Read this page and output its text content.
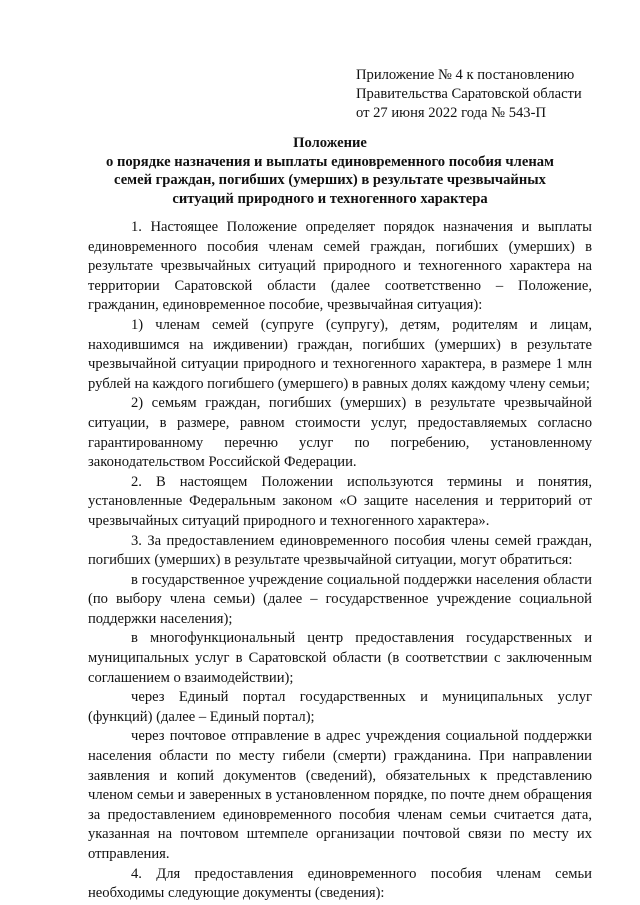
Приложение № 4 к постановлению
Правительства Саратовской области
от 27 июня 2022 года № 543-П
Положение
о порядке назначения и выплаты единовременного пособия членам
семей граждан, погибших (умерших) в результате чрезвычайных
ситуаций природного и техногенного характера

1. Настоящее Положение определяет порядок назначения и выплаты единовременного пособия членам семей граждан, погибших (умерших) в результате чрезвычайных ситуаций природного и техногенного характера на территории Саратовской области (далее соответственно – Положение, гражданин, единовременное пособие, чрезвычайная ситуация):

1) членам семей (супруге (супругу), детям, родителям и лицам, находившимся на иждивении) граждан, погибших (умерших) в результате чрезвычайной ситуации природного и техногенного характера, в размере 1 млн рублей на каждого погибшего (умершего) в равных долях каждому члену семьи;

2) семьям граждан, погибших (умерших) в результате чрезвычайной ситуации, в размере, равном стоимости услуг, предоставляемых согласно гарантированному перечню услуг по погребению, установленному законодательством Российской Федерации.

2. В настоящем Положении используются термины и понятия, установленные Федеральным законом «О защите населения и территорий от чрезвычайных ситуаций природного и техногенного характера».

3. За предоставлением единовременного пособия члены семей граждан, погибших (умерших) в результате чрезвычайной ситуации, могут обратиться:

в государственное учреждение социальной поддержки населения области (по выбору члена семьи) (далее – государственное учреждение социальной поддержки населения);

в многофункциональный центр предоставления государственных и муниципальных услуг в Саратовской области (в соответствии с заключенным соглашением о взаимодействии);

через Единый портал государственных и муниципальных услуг (функций) (далее – Единый портал);

через почтовое отправление в адрес учреждения социальной поддержки населения области по месту гибели (смерти) гражданина. При направлении заявления и копий документов (сведений), обязательных к представлению членом семьи и заверенных в установленном порядке, по почте днем обращения за предоставлением единовременного пособия членам семьи считается дата, указанная на почтовом штемпеле организации почтовой связи по месту их отправления.

4. Для предоставления единовременного пособия членам семьи необходимы следующие документы (сведения):
